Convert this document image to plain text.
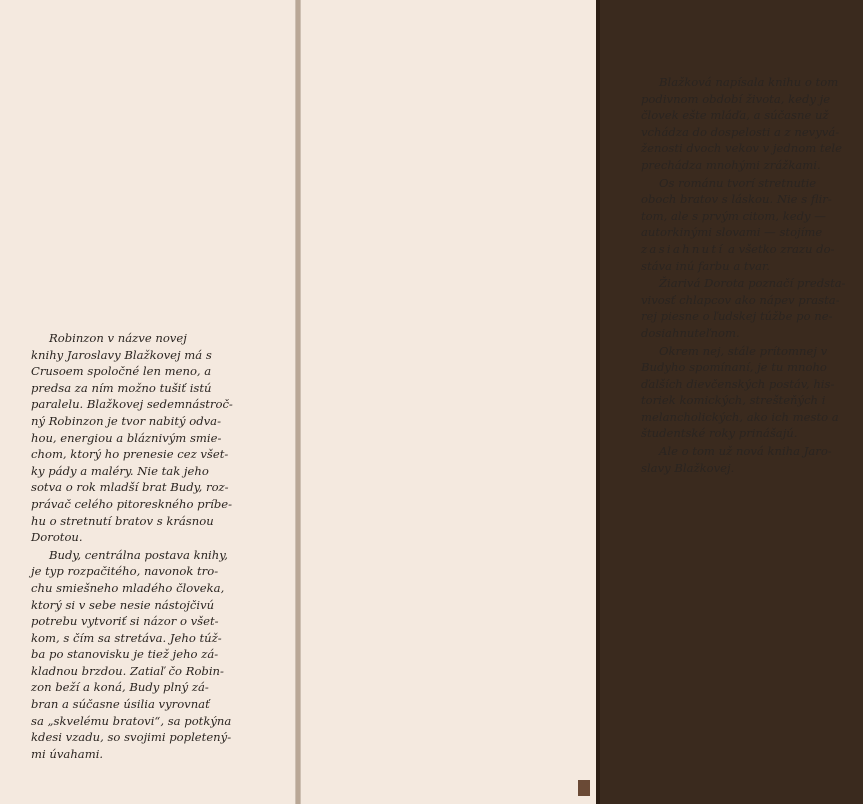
Robinzon v názve novej
knihy Jaroslavy Blažkovej má s
Crusoem spoločné len meno, a
predsa za ním možno tušiť istú
paralelu. Blažkovej sedemnástroč-
ný Robinzon je tvor nabitý odva-
hou, energiou a bláznivým smie-
chom, ktorý ho prenesie cez všet-
ky pády a maléry. Nie tak jeho
sotva o rok mladší brat Budy, roz-
právač celého pitoreskného príbe-
hu o stretnutí bratov s krásnou
Dorotou.

Budy, centrálna postava knihy,
je typ rozpačitého, navonok tro-
chu smiešneho mladého človeka,
ktorý si v sebe nesie nástojčivú
potrebu vytvoriť si názor o všet-
kom, s čím sa stretáva. Jeho túž-
ba po stanovisku je tiež jeho zá-
kladnou brzdou. Zatiaľ čo Robin-
zon beží a koná, Budy plný zá-
bran a súčasne úsilia vyrovnať
sa „skvelému bratovi“, sa potkýna
kdesi vzadu, so svojimi popletený-
mi úvahami.

Blažková napísala knihu o tom
podivnom období života, kedy je
človek ešte mláďa, a súčasne už
vchádza do dospelosti a z nevyvá-
ženosti dvoch vekov v jednom tele
prechádza mnohými zrážkami.

Os románu tvorí stretnutie
oboch bratov s láskou. Nie s flir-
tom, ale s prvým citom, kedy —
autorkinými slovami — stojíme
zasiahnutí a všetko zrazu do-
stáva inú farbu a tvar.

Žiarivá Dorota poznačí predsta-
vivosť chlapcov ako nápev prasta-
rej piesne o ľudskej túžbe po ne-
dosiahnuteľnom.

Okrem nej, stále prítomnej v
Budyho spomínaní, je tu mnoho
ďalších dievčenských postáv, his-
toriek komických, strešteňých i
melancholických, ako ich mesto a
študentské roky prinášajú.

Ale o tom už nová kniha Jaro-
slavy Blažkovej.
